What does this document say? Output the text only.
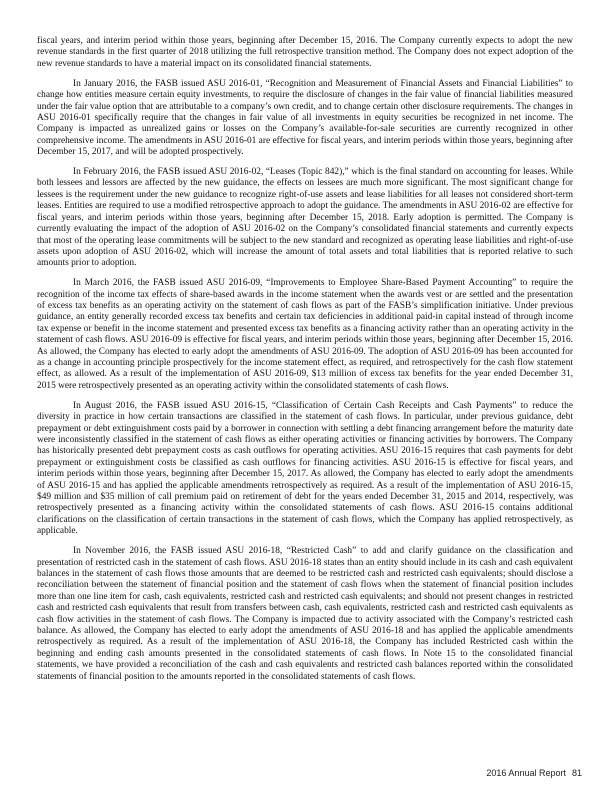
fiscal years, and interim period within those years, beginning after December 15, 2016. The Company currently expects to adopt the new revenue standards in the first quarter of 2018 utilizing the full retrospective transition method. The Company does not expect adoption of the new revenue standards to have a material impact on its consolidated financial statements.

In January 2016, the FASB issued ASU 2016-01, “Recognition and Measurement of Financial Assets and Financial Liabilities” to change how entities measure certain equity investments, to require the disclosure of changes in the fair value of financial liabilities measured under the fair value option that are attributable to a company’s own credit, and to change certain other disclosure requirements. The changes in ASU 2016-01 specifically require that the changes in fair value of all investments in equity securities be recognized in net income. The Company is impacted as unrealized gains or losses on the Company’s available-for-sale securities are currently recognized in other comprehensive income. The amendments in ASU 2016-01 are effective for fiscal years, and interim periods within those years, beginning after December 15, 2017, and will be adopted prospectively.

In February 2016, the FASB issued ASU 2016-02, “Leases (Topic 842),” which is the final standard on accounting for leases. While both lessees and lessors are affected by the new guidance, the effects on lessees are much more significant. The most significant change for lessees is the requirement under the new guidance to recognize right-of-use assets and lease liabilities for all leases not considered short-term leases. Entities are required to use a modified retrospective approach to adopt the guidance. The amendments in ASU 2016-02 are effective for fiscal years, and interim periods within those years, beginning after December 15, 2018. Early adoption is permitted. The Company is currently evaluating the impact of the adoption of ASU 2016-02 on the Company’s consolidated financial statements and currently expects that most of the operating lease commitments will be subject to the new standard and recognized as operating lease liabilities and right-of-use assets upon adoption of ASU 2016-02, which will increase the amount of total assets and total liabilities that is reported relative to such amounts prior to adoption.

In March 2016, the FASB issued ASU 2016-09, “Improvements to Employee Share-Based Payment Accounting” to require the recognition of the income tax effects of share-based awards in the income statement when the awards vest or are settled and the presentation of excess tax benefits as an operating activity on the statement of cash flows as part of the FASB’s simplification initiative. Under previous guidance, an entity generally recorded excess tax benefits and certain tax deficiencies in additional paid-in capital instead of through income tax expense or benefit in the income statement and presented excess tax benefits as a financing activity rather than an operating activity in the statement of cash flows. ASU 2016-09 is effective for fiscal years, and interim periods within those years, beginning after December 15, 2016. As allowed, the Company has elected to early adopt the amendments of ASU 2016-09. The adoption of ASU 2016-09 has been accounted for as a change in accounting principle prospectively for the income statement effect, as required, and retrospectively for the cash flow statement effect, as allowed. As a result of the implementation of ASU 2016-09, $13 million of excess tax benefits for the year ended December 31, 2015 were retrospectively presented as an operating activity within the consolidated statements of cash flows.

In August 2016, the FASB issued ASU 2016-15, “Classification of Certain Cash Receipts and Cash Payments” to reduce the diversity in practice in how certain transactions are classified in the statement of cash flows. In particular, under previous guidance, debt prepayment or debt extinguishment costs paid by a borrower in connection with settling a debt financing arrangement before the maturity date were inconsistently classified in the statement of cash flows as either operating activities or financing activities by borrowers. The Company has historically presented debt prepayment costs as cash outflows for operating activities. ASU 2016-15 requires that cash payments for debt prepayment or extinguishment costs be classified as cash outflows for financing activities. ASU 2016-15 is effective for fiscal years, and interim periods within those years, beginning after December 15, 2017. As allowed, the Company has elected to early adopt the amendments of ASU 2016-15 and has applied the applicable amendments retrospectively as required. As a result of the implementation of ASU 2016-15, $49 million and $35 million of call premium paid on retirement of debt for the years ended December 31, 2015 and 2014, respectively, was retrospectively presented as a financing activity within the consolidated statements of cash flows. ASU 2016-15 contains additional clarifications on the classification of certain transactions in the statement of cash flows, which the Company has applied retrospectively, as applicable.

In November 2016, the FASB issued ASU 2016-18, “Restricted Cash” to add and clarify guidance on the classification and presentation of restricted cash in the statement of cash flows. ASU 2016-18 states than an entity should include in its cash and cash equivalent balances in the statement of cash flows those amounts that are deemed to be restricted cash and restricted cash equivalents; should disclose a reconciliation between the statement of financial position and the statement of cash flows when the statement of financial position includes more than one line item for cash, cash equivalents, restricted cash and restricted cash equivalents; and should not present changes in restricted cash and restricted cash equivalents that result from transfers between cash, cash equivalents, restricted cash and restricted cash equivalents as cash flow activities in the statement of cash flows. The Company is impacted due to activity associated with the Company’s restricted cash balance. As allowed, the Company has elected to early adopt the amendments of ASU 2016-18 and has applied the applicable amendments retrospectively as required. As a result of the implementation of ASU 2016-18, the Company has included Restricted cash within the beginning and ending cash amounts presented in the consolidated statements of cash flows. In Note 15 to the consolidated financial statements, we have provided a reconciliation of the cash and cash equivalents and restricted cash balances reported within the consolidated statements of financial position to the amounts reported in the consolidated statements of cash flows.

2016 Annual Report 81
